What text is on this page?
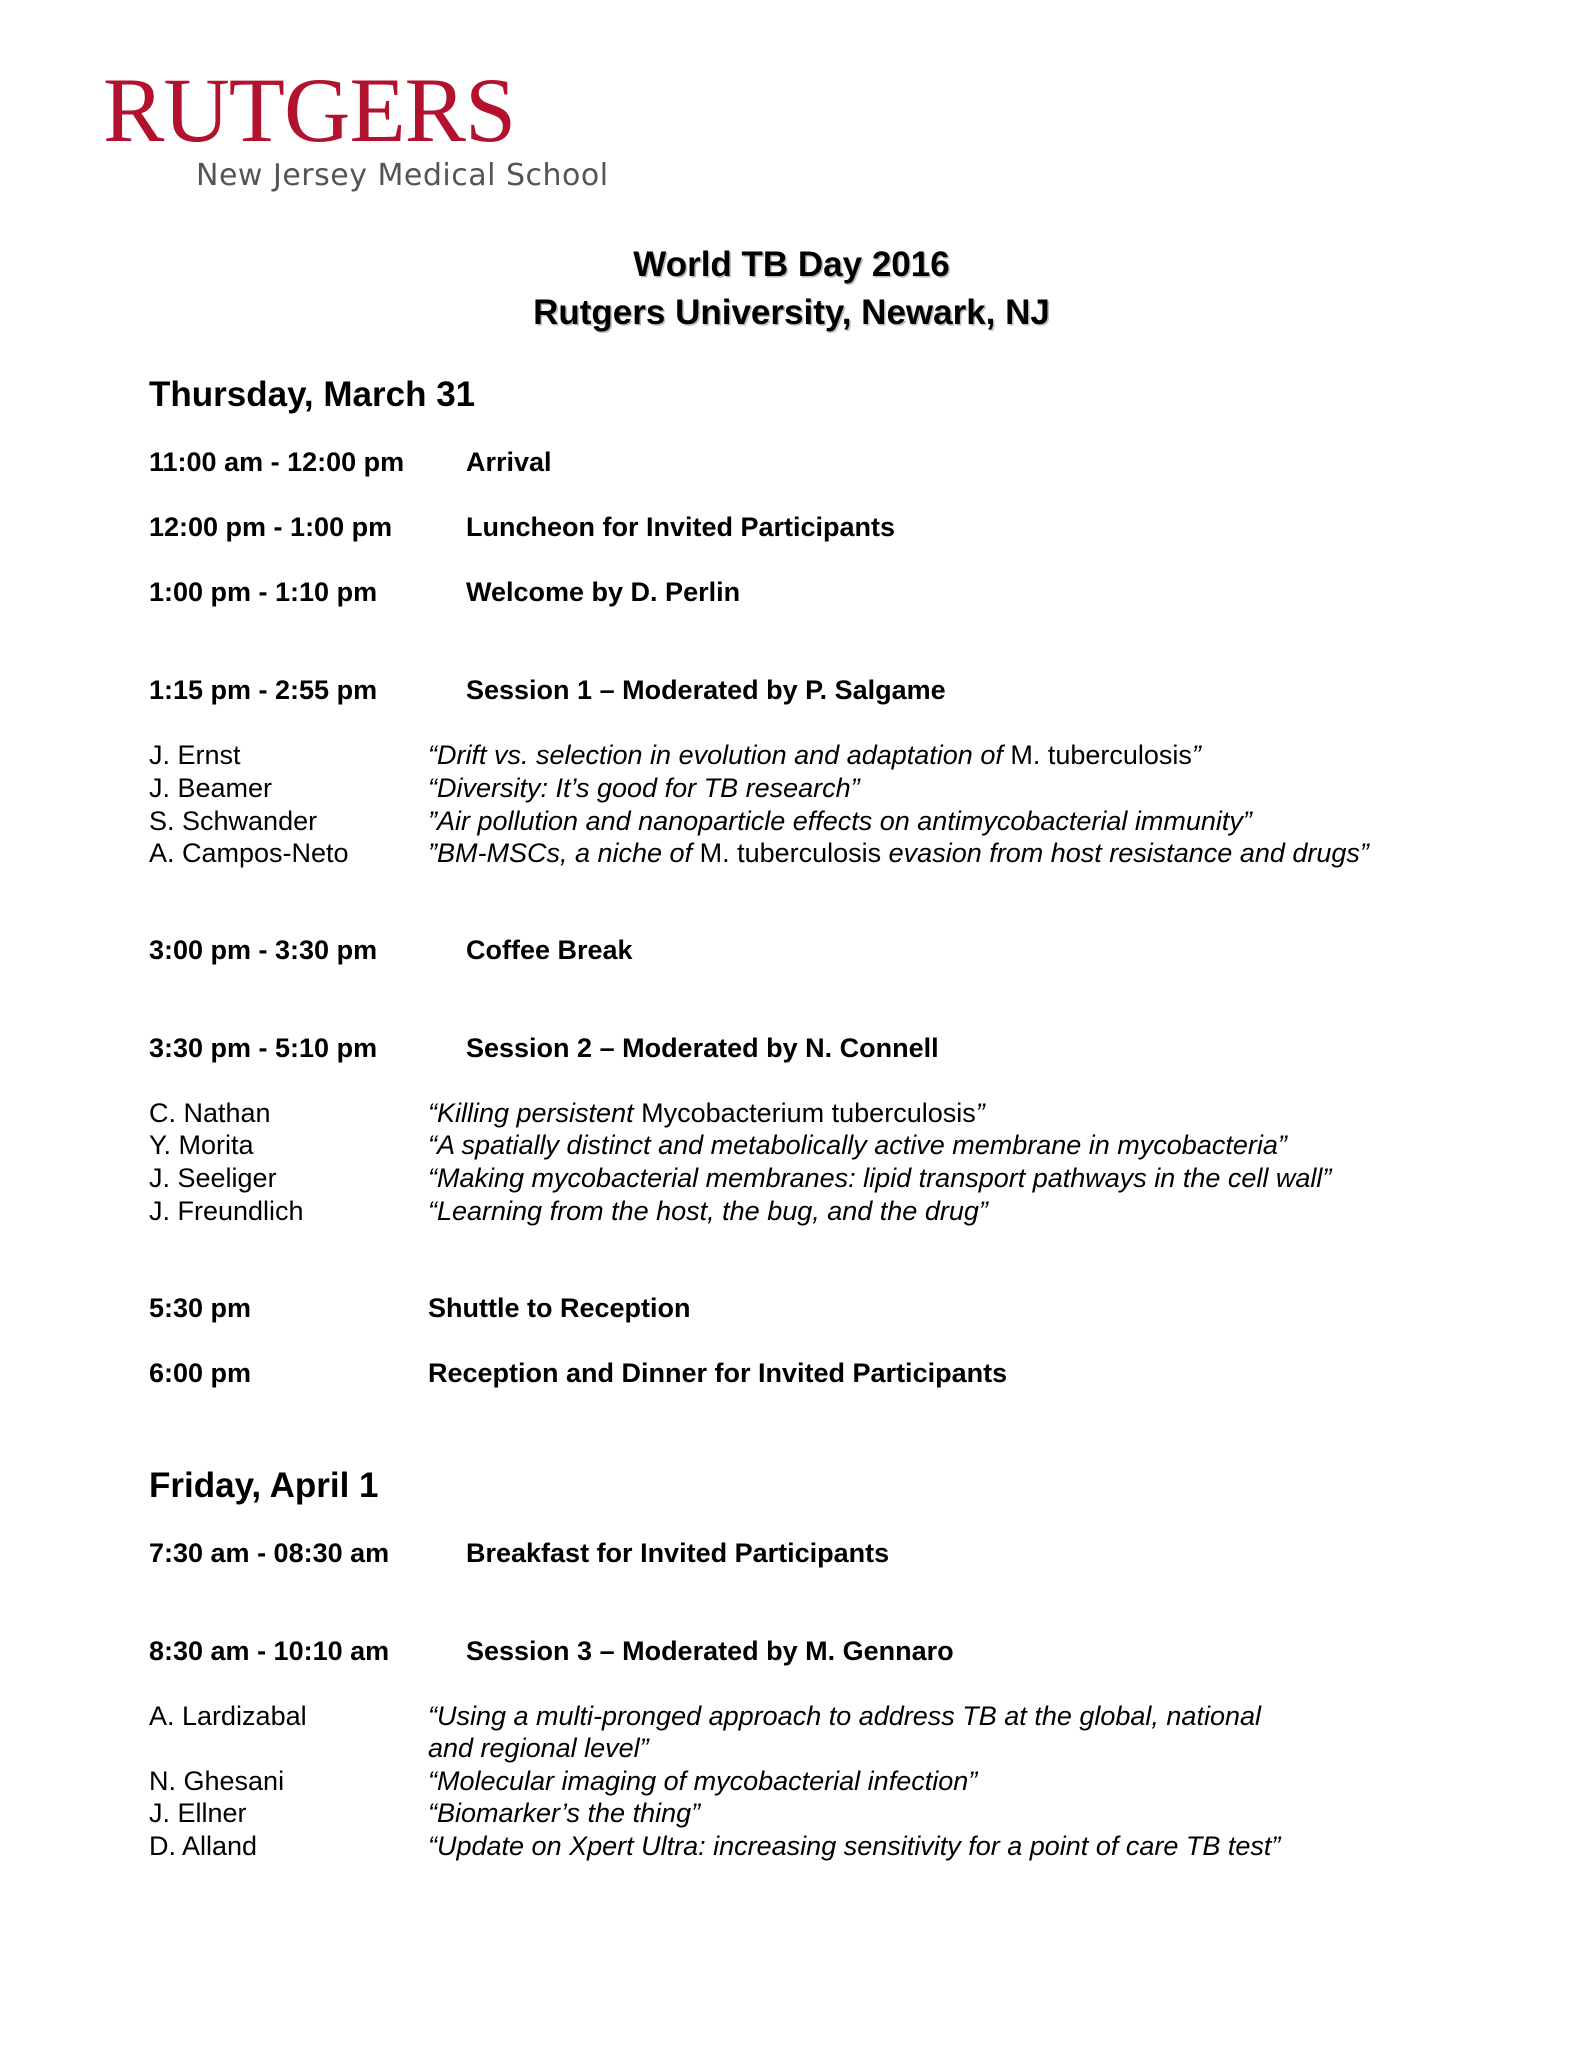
RUTGERS
New Jersey Medical School
World TB Day 2016
Rutgers University, Newark, NJ
Thursday, March 31
11:00 am - 12:00 pm Arrival
12:00 pm - 1:00 pm	Luncheon for Invited Participants
1:00 pm - 1:10 pm	Welcome by D. Perlin
1:15 pm - 2:55 pm	Session 1 – Moderated by P. Salgame
J. Ernst	“Drift vs. selection in evolution and adaptation of M. tuberculosis”
J. Beamer	“Diversity: It’s good for TB research”
S. Schwander	”Air pollution and nanoparticle effects on antimycobacterial immunity”
A. Campos-Neto	”BM-MSCs, a niche of M. tuberculosis evasion from host resistance and drugs”
3:00 pm - 3:30 pm	Coffee Break
3:30 pm - 5:10 pm	Session 2 – Moderated by N. Connell
C. Nathan	“Killing persistent Mycobacterium tuberculosis”
Y. Morita	“A spatially distinct and metabolically active membrane in mycobacteria”
J. Seeliger	“Making mycobacterial membranes: lipid transport pathways in the cell wall”
J. Freundlich	“Learning from the host, the bug, and the drug”
5:30 pm	Shuttle to Reception
6:00 pm	Reception and Dinner for Invited Participants
Friday, April 1
7:30 am - 08:30 am	Breakfast for Invited Participants
8:30 am - 10:10 am	Session 3 – Moderated by M. Gennaro
A. Lardizabal	“Using a multi-pronged approach to address TB at the global, national
and regional level”
N. Ghesani	“Molecular imaging of mycobacterial infection”
J. Ellner	“Biomarker’s the thing”
D. Alland	“Update on Xpert Ultra: increasing sensitivity for a point of care TB test”
